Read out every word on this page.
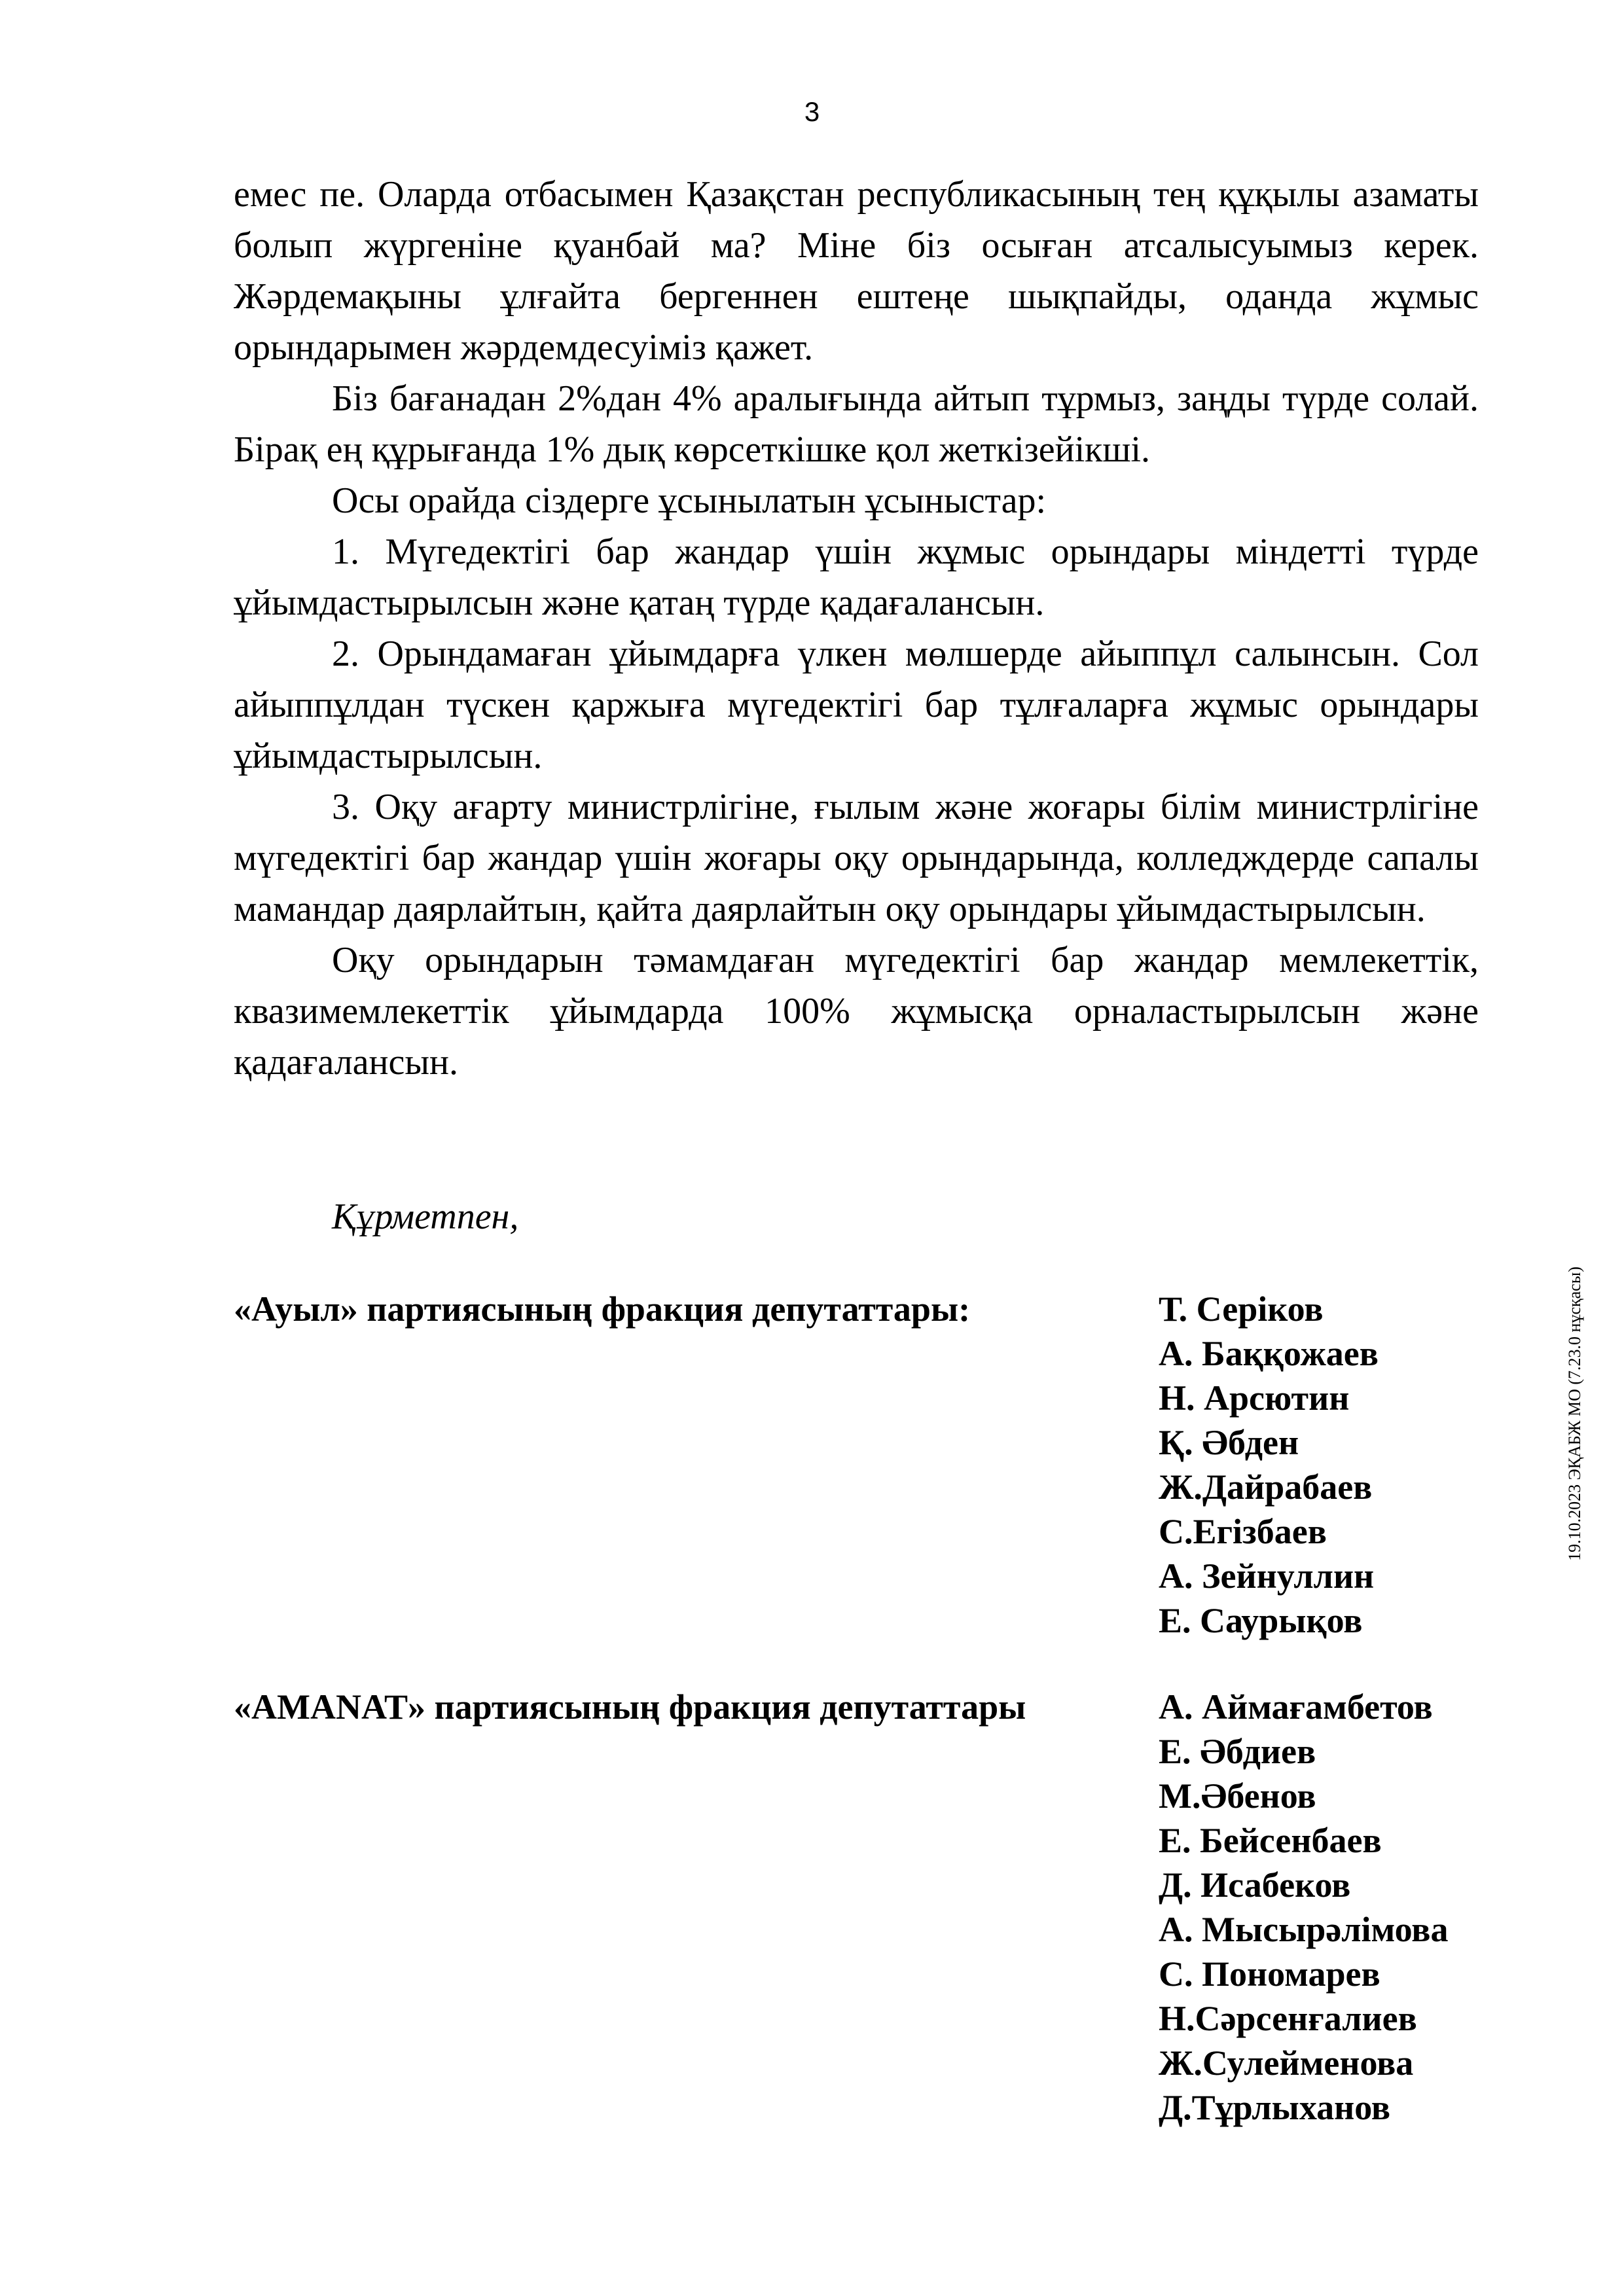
3

емес пе. Оларда отбасымен Қазақстан республикасының тең құқылы азаматы болып жүргеніне қуанбай ма? Міне біз осыған атсалысуымыз керек. Жәрдемақыны ұлғайта бергеннен ештеңе шықпайды, оданда жұмыс орындарымен жәрдемдесуіміз қажет.

Біз бағанадан 2%дан 4% аралығында айтып тұрмыз, заңды түрде солай. Бірақ ең құрығанда 1% дық көрсеткішке қол жеткізейікші.

Осы орайда сіздерге ұсынылатын ұсыныстар:

1. Мүгедектігі бар жандар үшін жұмыс орындары міндетті түрде ұйымдастырылсын және қатаң түрде қадағалансын.

2. Орындамаған ұйымдарға үлкен мөлшерде айыппұл салынсын. Сол айыппұлдан түскен қаржыға мүгедектігі бар тұлғаларға жұмыс орындары ұйымдастырылсын.

3. Оқу ағарту министрлігіне, ғылым және жоғары білім министрлігіне мүгедектігі бар жандар үшін жоғары оқу орындарында, колледждерде сапалы мамандар даярлайтын, қайта даярлайтын оқу орындары ұйымдастырылсын.

Оқу орындарын тәмамдаған мүгедектігі бар жандар мемлекеттік, квазимемлекеттік ұйымдарда 100% жұмысқа орналастырылсын және қадағалансын.

Құрметпен,
«Ауыл» партиясының фракция депутаттары:	Т. Серіков
А. Баққожаев
Н. Арсютин
Қ. Әбден
Ж.Дайрабаев
С.Егізбаев
А. Зейнуллин
Е. Саурықов
«AMANAT» партиясының фракция депутаттары	А. Аймағамбетов
Е. Әбдиев
М.Әбенов
Е. Бейсенбаев
Д. Исабеков
А. Мысырәлімова
С. Пономарев
Н.Сәрсенғалиев
Ж.Сулейменова
Д.Тұрлыханов
19.10.2023 ЭҚАБЖ МО (7.23.0 нұсқасы)
